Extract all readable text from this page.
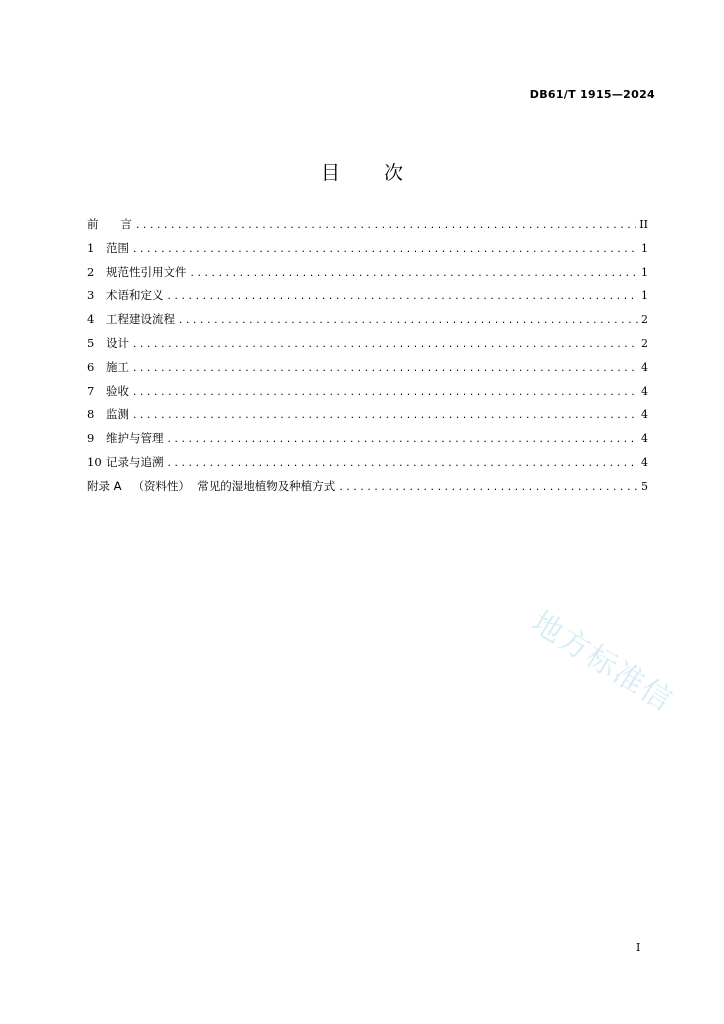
DB61/T 1915—2024
目 次
前      言 .....	II
1	范围 .....	1
2	规范性引用文件 .....	1
3	术语和定义 .....	1
4	工程建设流程 .....	2
5	设计 .....	2
6	施工 .....	4
7	验收 .....	4
8	监测 .....	4
9	维护与管理 .....	4
10 记录与追溯 .....	4
附录 A   （资料性）  常见的湿地植物及种植方式 .....	5
地方标准信
I
